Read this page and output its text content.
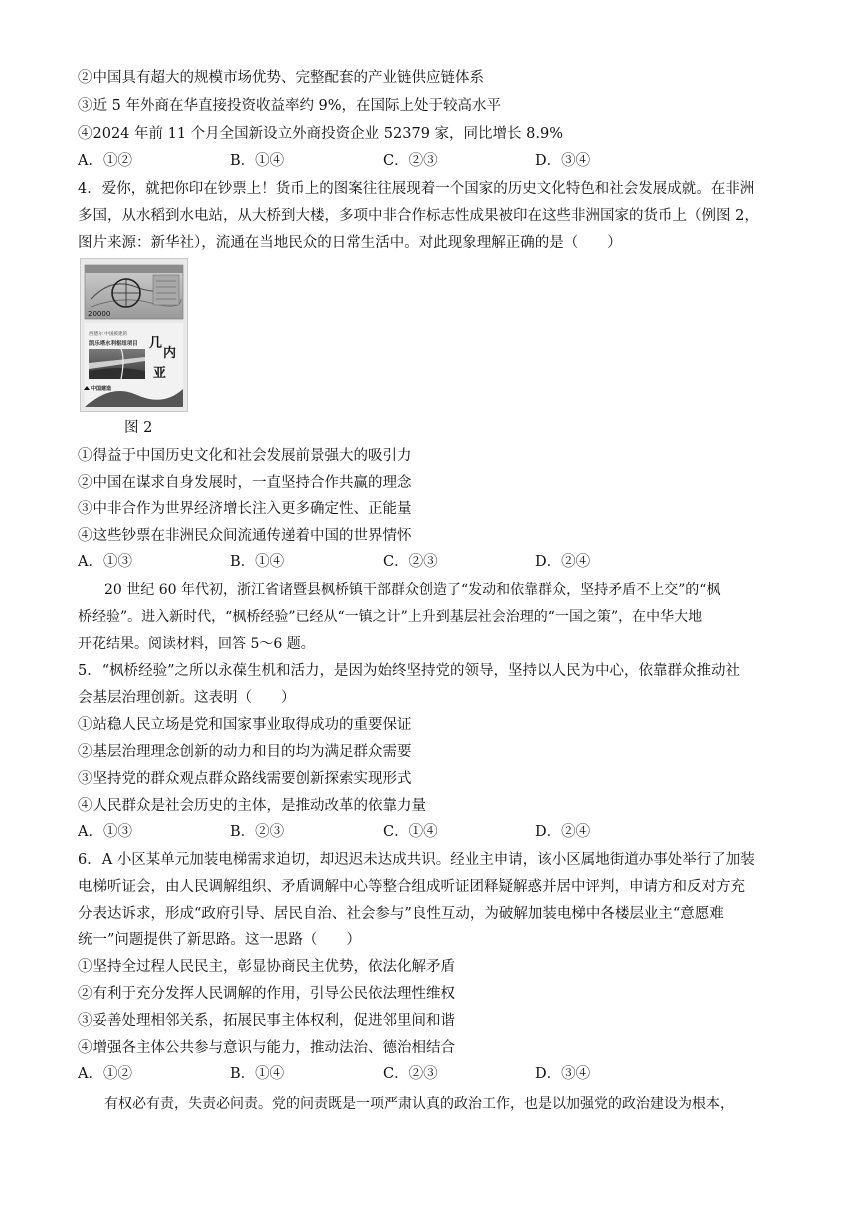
②中国具有超大的规模市场优势、完整配套的产业链供应链体系
③近 5 年外商在华直接投资收益率约 9%，在国际上处于较高水平
④2024 年前 11 个月全国新设立外商投资企业 52379 家，同比增长 8.9%
A．①②	B．①④	C．②③	D．③④
4．爱你，就把你印在钞票上！货币上的图案往往展现着一个国家的历史文化特色和社会发展成就。在非洲
多国，从水稻到水电站，从大桥到大楼，多项中非合作标志性成果被印在这些非洲国家的货币上（例图 2，
图片来源：新华社），流通在当地民众的日常生活中。对此现象理解正确的是（　　）
20000
西德尔 中国援建的
凯乐塔水利枢纽项目 几
内
亚
中国建造
图 2
①得益于中国历史文化和社会发展前景强大的吸引力
②中国在谋求自身发展时，一直坚持合作共赢的理念
③中非合作为世界经济增长注入更多确定性、正能量
④这些钞票在非洲民众间流通传递着中国的世界情怀
A．①③	B．①④	C．②③	D．②④
20 世纪 60 年代初，浙江省诸暨县枫桥镇干部群众创造了“发动和依靠群众，坚持矛盾不上交”的“枫
桥经验”。进入新时代，“枫桥经验”已经从“一镇之计”上升到基层社会治理的“一国之策”，在中华大地
开花结果。阅读材料，回答 5～6 题。
5．“枫桥经验”之所以永葆生机和活力，是因为始终坚持党的领导，坚持以人民为中心，依靠群众推动社
会基层治理创新。这表明（　　）
①站稳人民立场是党和国家事业取得成功的重要保证
②基层治理理念创新的动力和目的均为满足群众需要
③坚持党的群众观点群众路线需要创新探索实现形式
④人民群众是社会历史的主体，是推动改革的依靠力量
A．①③	B．②③	C．①④	D．②④
6．A 小区某单元加装电梯需求迫切，却迟迟未达成共识。经业主申请，该小区属地街道办事处举行了加装
电梯听证会，由人民调解组织、矛盾调解中心等整合组成听证团释疑解惑并居中评判，申请方和反对方充
分表达诉求，形成“政府引导、居民自治、社会参与”良性互动，为破解加装电梯中各楼层业主“意愿难
统一”问题提供了新思路。这一思路（　　）
①坚持全过程人民民主，彰显协商民主优势，依法化解矛盾
②有利于充分发挥人民调解的作用，引导公民依法理性维权
③妥善处理相邻关系，拓展民事主体权利，促进邻里间和谐
④增强各主体公共参与意识与能力，推动法治、德治相结合
A．①②	B．①④	C．②③	D．③④
有权必有责，失责必问责。党的问责既是一项严肃认真的政治工作，也是以加强党的政治建设为根本，
